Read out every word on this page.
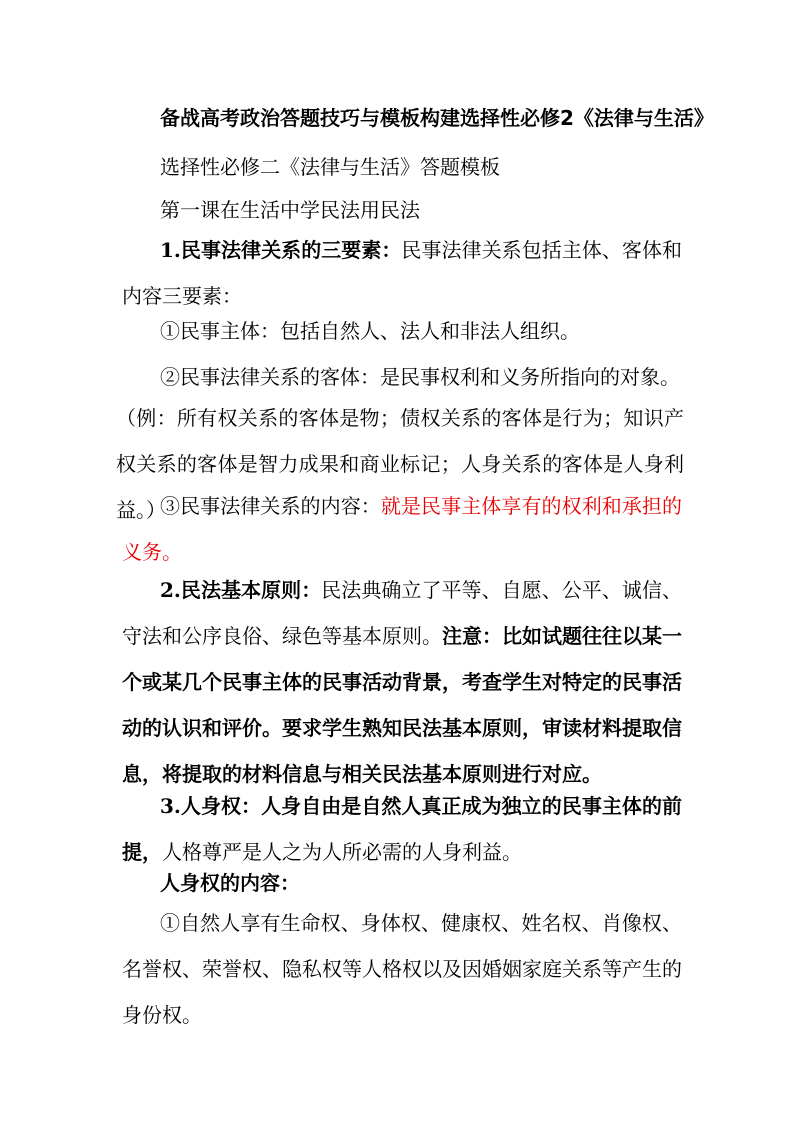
备战高考政治答题技巧与模板构建选择性必修2《法律与生活》
选择性必修二《法律与生活》答题模板
第一课在生活中学民法用民法
1.民事法律关系的三要素：民事法律关系包括主体、客体和内容三要素：
①民事主体：包括自然人、法人和非法人组织。
②民事法律关系的客体：是民事权利和义务所指向的对象。
（例：所有权关系的客体是物；债权关系的客体是行为；知识产权关系的客体是智力成果和商业标记；人身关系的客体是人身利益。）
③民事法律关系的内容：就是民事主体享有的权利和承担的义务。
2.民法基本原则：民法典确立了平等、自愿、公平、诚信、守法和公序良俗、绿色等基本原则。注意：比如试题往往以某一个或某几个民事主体的民事活动背景，考查学生对特定的民事活动的认识和评价。要求学生熟知民法基本原则，审读材料提取信息，将提取的材料信息与相关民法基本原则进行对应。
3.人身权：人身自由是自然人真正成为独立的民事主体的前提，人格尊严是人之为人所必需的人身利益。
人身权的内容：
①自然人享有生命权、身体权、健康权、姓名权、肖像权、名誉权、荣誉权、隐私权等人格权以及因婚姻家庭关系等产生的身份权。
